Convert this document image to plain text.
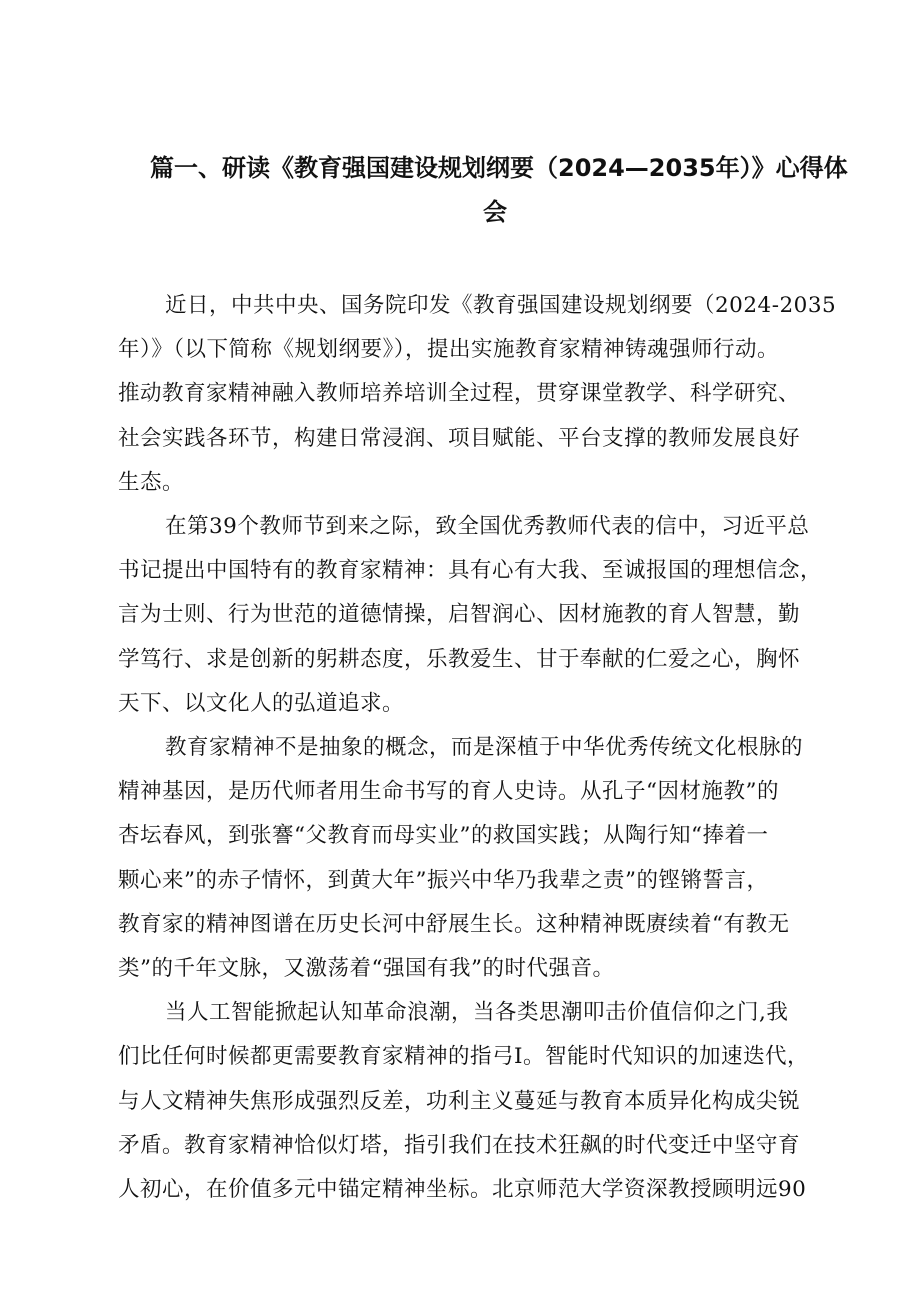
篇一、研读《教育强国建设规划纲要（2024—2035年）》心得体
会

近日，中共中央、国务院印发《教育强国建设规划纲要（2024-2035
年）》（以下简称《规划纲要》），提出实施教育家精神铸魂强师行动。
推动教育家精神融入教师培养培训全过程，贯穿课堂教学、科学研究、
社会实践各环节，构建日常浸润、项目赋能、平台支撑的教师发展良好
生态。

在第39个教师节到来之际，致全国优秀教师代表的信中，习近平总
书记提出中国特有的教育家精神：具有心有大我、至诚报国的理想信念，
言为士则、行为世范的道德情操，启智润心、因材施教的育人智慧，勤
学笃行、求是创新的躬耕态度，乐教爱生、甘于奉献的仁爱之心，胸怀
天下、以文化人的弘道追求。

教育家精神不是抽象的概念，而是深植于中华优秀传统文化根脉的
精神基因，是历代师者用生命书写的育人史诗。从孔子“因材施教”的
杏坛春风，到张謇“父教育而母实业”的救国实践；从陶行知“捧着一
颗心来”的赤子情怀，到黄大年”振兴中华乃我辈之责”的铿锵誓言，
教育家的精神图谱在历史长河中舒展生长。这种精神既赓续着“有教无
类”的千年文脉，又激荡着“强国有我”的时代强音。

当人工智能掀起认知革命浪潮，当各类思潮叩击价值信仰之门,我
们比任何时候都更需要教育家精神的指弓I。智能时代知识的加速迭代，
与人文精神失焦形成强烈反差，功利主义蔓延与教育本质异化构成尖锐
矛盾。教育家精神恰似灯塔，指引我们在技术狂飙的时代变迁中坚守育
人初心，在价值多元中锚定精神坐标。北京师范大学资深教授顾明远90
